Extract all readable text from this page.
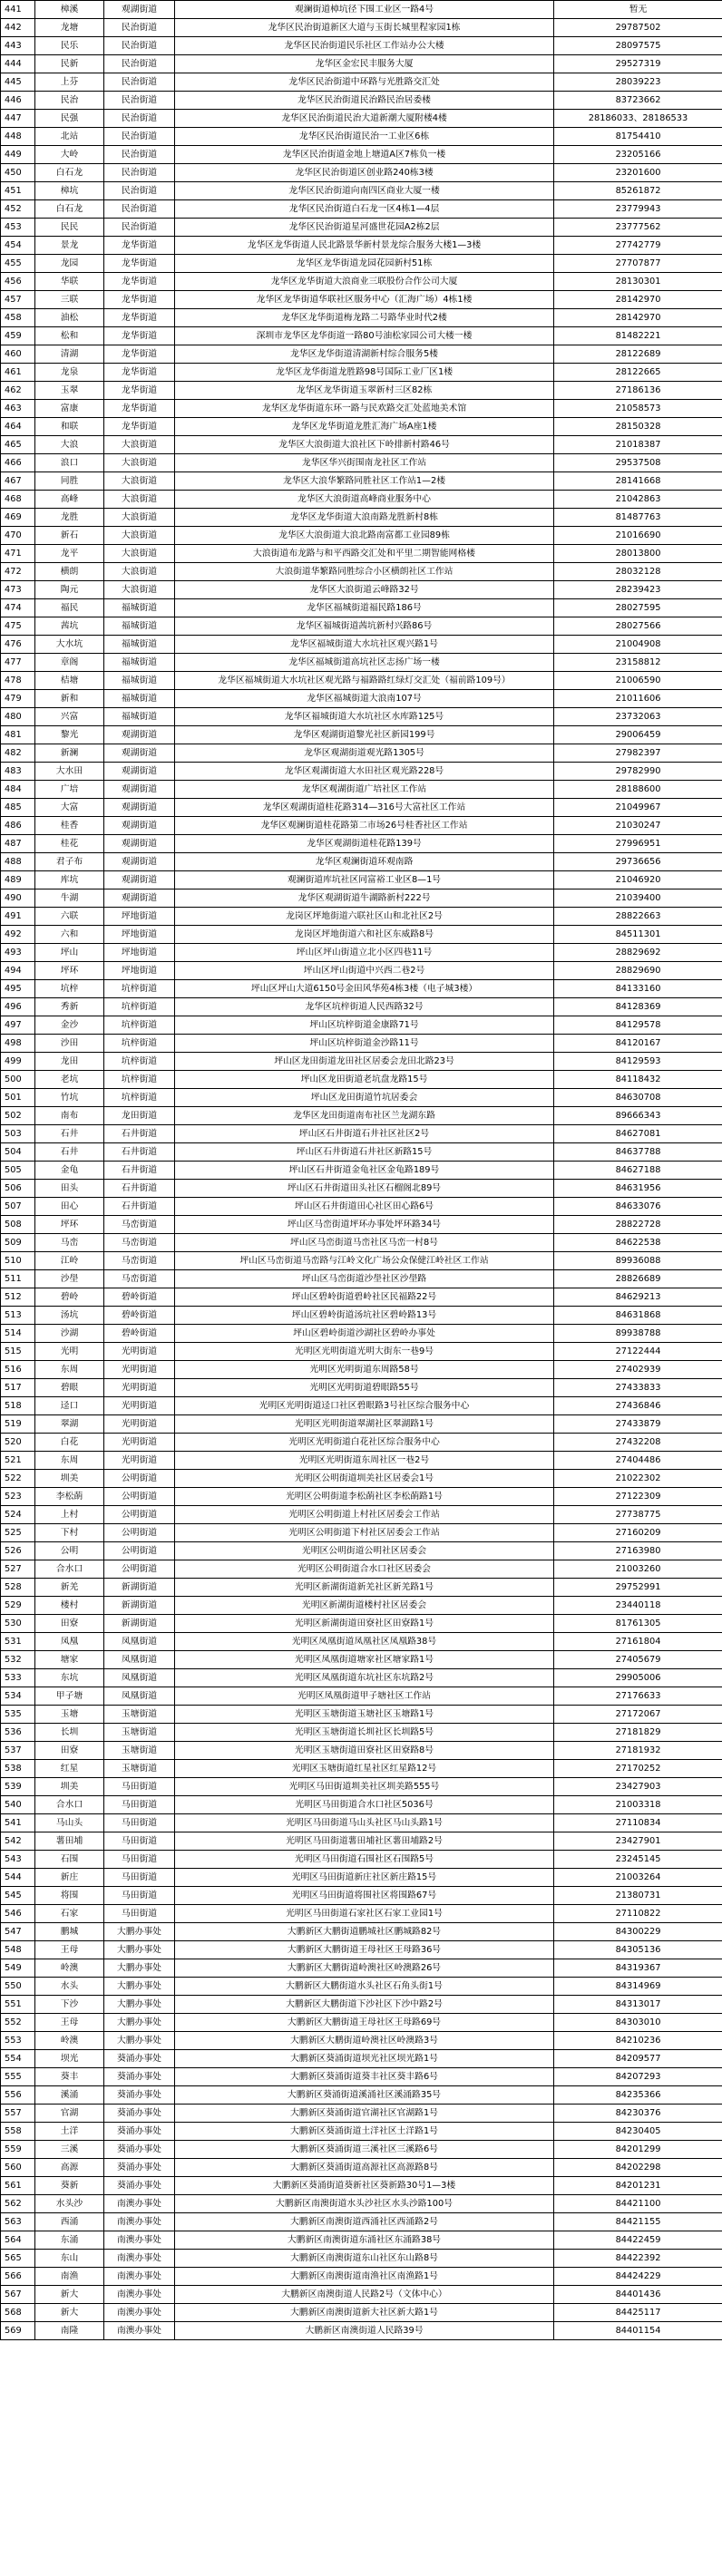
441	樟溪	观湖街道	观澜街道樟坑径下围工业区一路4号	暂无
442	龙塘	民治街道	龙华区民治街道新区大道与玉街长城里程家园1栋	29787502
443	民乐	民治街道	龙华区民治街道民乐社区工作站办公大楼	28097575
444	民新	民治街道	龙华区金宏民丰服务大厦	29527319
445	上芬	民治街道	龙华区民治街道中环路与光胜路交汇处	28039223
446	民治	民治街道	龙华区民治街道民治路民治居委楼	83723662
447	民强	民治街道	龙华区民治街道民治大道新潮大厦附楼4楼	28186033、28186533
448	北站	民治街道	龙华区民治街道民治一工业区6栋	81754410
449	大岭	民治街道	龙华区民治街道金地上塘道A区7栋负一楼	23205166
450	白石龙	民治街道	龙华区民治街道区创业路240栋3楼	23201600
451	樟坑	民治街道	龙华区民治街道向南四区商业大厦一楼	85261872
452	白石龙	民治街道	龙华区民治街道白石龙一区4栋1—4层	23779943
453	民民	民治街道	龙华区民治街道星河盛世花园A2栋2层	23777562
454	景龙	龙华街道	龙华区龙华街道人民北路景华新村景龙综合服务大楼1—3楼	27742779
455	龙园	龙华街道	龙华区龙华街道龙园花园新村51栋	27707877
456	华联	龙华街道	龙华区龙华街道大浪商业三联股份合作公司大厦	28130301
457	三联	龙华街道	龙华区龙华街道华联社区服务中心（汇海广场）4栋1楼	28142970
458	油松	龙华街道	龙华区龙华街道梅龙路二号路华业时代2楼	28142970
459	松和	龙华街道	深圳市龙华区龙华街道一路80号油松家园公司大楼一楼	81482221
460	清湖	龙华街道	龙华区龙华街道清湖新村综合服务5楼	28122689
461	龙泉	龙华街道	龙华区龙华街道龙胜路98号国际工业厂区1楼	28122665
462	玉翠	龙华街道	龙华区龙华街道玉翠新村三区82栋	27186136
463	富康	龙华街道	龙华区龙华街道东环一路与民欢路交汇处蓝地美术馆	21058573
464	和联	龙华街道	龙华区龙华街道龙胜汇海广场A座1楼	28150328
465	大浪	大浪街道	龙华区大浪街道大浪社区下岭排新村路46号	21018387
466	浪口	大浪街道	龙华区华兴街围南龙社区工作站	29537508
467	同胜	大浪街道	龙华区大浪华繁路同胜社区工作站1—2楼	28141668
468	高峰	大浪街道	龙华区大浪街道高峰商业服务中心	21042863
469	龙胜	大浪街道	龙华区龙华街道大浪南路龙胜新村8栋	81487763
470	新石	大浪街道	龙华区大浪街道大浪北路南富都工业园89栋	21016690
471	龙平	大浪街道	大浪街道布龙路与和平西路交汇处和平里二期智能网格楼	28013800
472	横朗	大浪街道	大浪街道华繁路同胜综合小区横朗社区工作站	28032128
473	陶元	大浪街道	龙华区大浪街道云峰路32号	28239423
474	福民	福城街道	龙华区福城街道福民路186号	28027595
475	茜坑	福城街道	龙华区福城街道茜坑新村兴路86号	28027566
476	大水坑	福城街道	龙华区福城街道大水坑社区观兴路1号	21004908
477	章阁	福城街道	龙华区福城街道高坑社区志扬广场一楼	23158812
478	桔塘	福城街道	龙华区福城街道大水坑社区观光路与福路路红绿灯交汇处（福前路109号）	21006590
479	新和	福城街道	龙华区福城街道大浪南107号	21011606
480	兴富	福城街道	龙华区福城街道大水坑社区水库路125号	23732063
481	黎光	观湖街道	龙华区观湖街道黎光社区新园199号	29006459
482	新澜	观湖街道	龙华区观湖街道观光路1305号	27982397
483	大水田	观湖街道	龙华区观湖街道大水田社区观光路228号	29782990
484	广培	观湖街道	龙华区观湖街道广培社区工作站	28188600
485	大富	观湖街道	龙华区观湖街道桂花路314—316号大富社区工作站	21049967
486	桂香	观湖街道	龙华区观澜街道桂花路第二市场26号桂香社区工作站	21030247
487	桂花	观湖街道	龙华区观湖街道桂花路139号	27996951
488	君子布	观湖街道	龙华区观澜街道环观南路	29736656
489	库坑	观湖街道	观澜街道库坑社区同富裕工业区8—1号	21046920
490	牛湖	观湖街道	龙华区观湖街道牛湖路新村222号	21039400
491	六联	坪地街道	龙岗区坪地街道六联社区山和北社区2号	28822663
492	六和	坪地街道	龙岗区坪地街道六和社区东威路8号	84511301
493	坪山	坪地街道	坪山区坪山街道立北小区四巷11号	28829692
494	坪环	坪地街道	坪山区坪山街道中兴西二巷2号	28829690
495	坑梓	坑梓街道	坪山区坪山大道6150号金田风华苑4栋3楼（电子城3楼）	84133160
496	秀新	坑梓街道	龙华区坑梓街道人民西路32号	84128369
497	金沙	坑梓街道	坪山区坑梓街道金康路71号	84129578
498	沙田	坑梓街道	坪山区坑梓街道金沙路11号	84120167
499	龙田	坑梓街道	坪山区龙田街道龙田社区居委会龙田北路23号	84129593
500	老坑	坑梓街道	坪山区龙田街道老坑盘龙路15号	84118432
501	竹坑	坑梓街道	坪山区龙田街道竹坑居委会	84630708
502	南布	龙田街道	龙华区龙田街道南布社区兰龙湖东路	89666343
503	石井	石井街道	坪山区石井街道石井社区社区2号	84627081
504	石井	石井街道	坪山区石井街道石井社区新路15号	84637788
505	金龟	石井街道	坪山区石井街道金龟社区金龟路189号	84627188
506	田头	石井街道	坪山区石井街道田头社区石榴阁北89号	84631956
507	田心	石井街道	坪山区石井街道田心社区田心路6号	84633076
508	坪环	马峦街道	坪山区马峦街道坪环办事处坪环路34号	28822728
509	马峦	马峦街道	坪山区马峦街道马峦社区马峦一村8号	84622538
510	江岭	马峦街道	坪山区马峦街道马峦路与江岭文化广场公众保健江岭社区工作站	89936088
511	沙壆	马峦街道	坪山区马峦街道沙壆社区沙壆路	28826689
512	碧岭	碧岭街道	坪山区碧岭街道碧岭社区民福路22号	84629213
513	汤坑	碧岭街道	坪山区碧岭街道汤坑社区碧岭路13号	84631868
514	沙湖	碧岭街道	坪山区碧岭街道沙湖社区碧岭办事处	89938788
515	光明	光明街道	光明区光明街道光明大街东一巷9号	27122444
516	东周	光明街道	光明区光明街道东周路58号	27402939
517	碧眼	光明街道	光明区光明街道碧眼路55号	27433833
518	迳口	光明街道	光明区光明街道迳口社区碧眼路3号社区综合服务中心	27436846
519	翠湖	光明街道	光明区光明街道翠湖社区翠湖路1号	27433879
520	白花	光明街道	光明区光明街道白花社区综合服务中心	27432208
521	东周	光明街道	光明区光明街道东周社区一巷2号	27404486
522	圳美	公明街道	光明区公明街道圳美社区居委会1号	21022302
523	李松蓢	公明街道	光明区公明街道李松蓢社区李松蓢路1号	27122309
524	上村	公明街道	光明区公明街道上村社区居委会工作站	27738775
525	下村	公明街道	光明区公明街道下村社区居委会工作站	27160209
526	公明	公明街道	光明区公明街道公明社区居委会	27163980
527	合水口	公明街道	光明区公明街道合水口社区居委会	21003260
528	新羌	新湖街道	光明区新湖街道新羌社区新羌路1号	29752991
529	楼村	新湖街道	光明区新湖街道楼村社区居委会	23440118
530	田寮	新湖街道	光明区新湖街道田寮社区田寮路1号	81761305
531	凤凰	凤凰街道	光明区凤凰街道凤凰社区凤凰路38号	27161804
532	塘家	凤凰街道	光明区凤凰街道塘家社区塘家路1号	27405679
533	东坑	凤凰街道	光明区凤凰街道东坑社区东坑路2号	29905006
534	甲子塘	凤凰街道	光明区凤凰街道甲子塘社区工作站	27176633
535	玉塘	玉塘街道	光明区玉塘街道玉塘社区玉塘路1号	27172067
536	长圳	玉塘街道	光明区玉塘街道长圳社区长圳路5号	27181829
537	田寮	玉塘街道	光明区玉塘街道田寮社区田寮路8号	27181932
538	红星	玉塘街道	光明区玉塘街道红星社区红星路12号	27170252
539	圳美	马田街道	光明区马田街道圳美社区圳美路555号	23427903
540	合水口	马田街道	光明区马田街道合水口社区5036号	21003318
541	马山头	马田街道	光明区马田街道马山头社区马山头路1号	27110834
542	薯田埔	马田街道	光明区马田街道薯田埔社区薯田埔路2号	23427901
543	石围	马田街道	光明区马田街道石围社区石围路5号	23245145
544	新庄	马田街道	光明区马田街道新庄社区新庄路15号	21003264
545	将围	马田街道	光明区马田街道将围社区将围路67号	21380731
546	石家	马田街道	光明区马田街道石家社区石家工业园1号	27110822
547	鹏城	大鹏办事处	大鹏新区大鹏街道鹏城社区鹏城路82号	84300229
548	王母	大鹏办事处	大鹏新区大鹏街道王母社区王母路36号	84305136
549	岭澳	大鹏办事处	大鹏新区大鹏街道岭澳社区岭澳路26号	84319367
550	水头	大鹏办事处	大鹏新区大鹏街道水头社区石角头街1号	84314969
551	下沙	大鹏办事处	大鹏新区大鹏街道下沙社区下沙中路2号	84313017
552	王母	大鹏办事处	大鹏新区大鹏街道王母社区王母路69号	84303010
553	岭澳	大鹏办事处	大鹏新区大鹏街道岭澳社区岭澳路3号	84210236
554	坝光	葵涌办事处	大鹏新区葵涌街道坝光社区坝光路1号	84209577
555	葵丰	葵涌办事处	大鹏新区葵涌街道葵丰社区葵丰路6号	84207293
556	溪涌	葵涌办事处	大鹏新区葵涌街道溪涌社区溪涌路35号	84235366
557	官湖	葵涌办事处	大鹏新区葵涌街道官湖社区官湖路1号	84230376
558	土洋	葵涌办事处	大鹏新区葵涌街道土洋社区土洋路1号	84230405
559	三溪	葵涌办事处	大鹏新区葵涌街道三溪社区三溪路6号	84201299
560	高源	葵涌办事处	大鹏新区葵涌街道高源社区高源路8号	84202298
561	葵新	葵涌办事处	大鹏新区葵涌街道葵新社区葵新路30号1—3楼	84201231
562	水头沙	南澳办事处	大鹏新区南澳街道水头沙社区水头沙路100号	84421100
563	西涌	南澳办事处	大鹏新区南澳街道西涌社区西涌路2号	84421155
564	东涌	南澳办事处	大鹏新区南澳街道东涌社区东涌路38号	84422459
565	东山	南澳办事处	大鹏新区南澳街道东山社区东山路8号	84422392
566	南渔	南澳办事处	大鹏新区南澳街道南渔社区南渔路1号	84424229
567	新大	南澳办事处	大鹏新区南澳街道人民路2号（文体中心）	84401436
568	新大	南澳办事处	大鹏新区南澳街道新大社区新大路1号	84425117
569	南隆	南澳办事处	大鹏新区南澳街道人民路39号	84401154
